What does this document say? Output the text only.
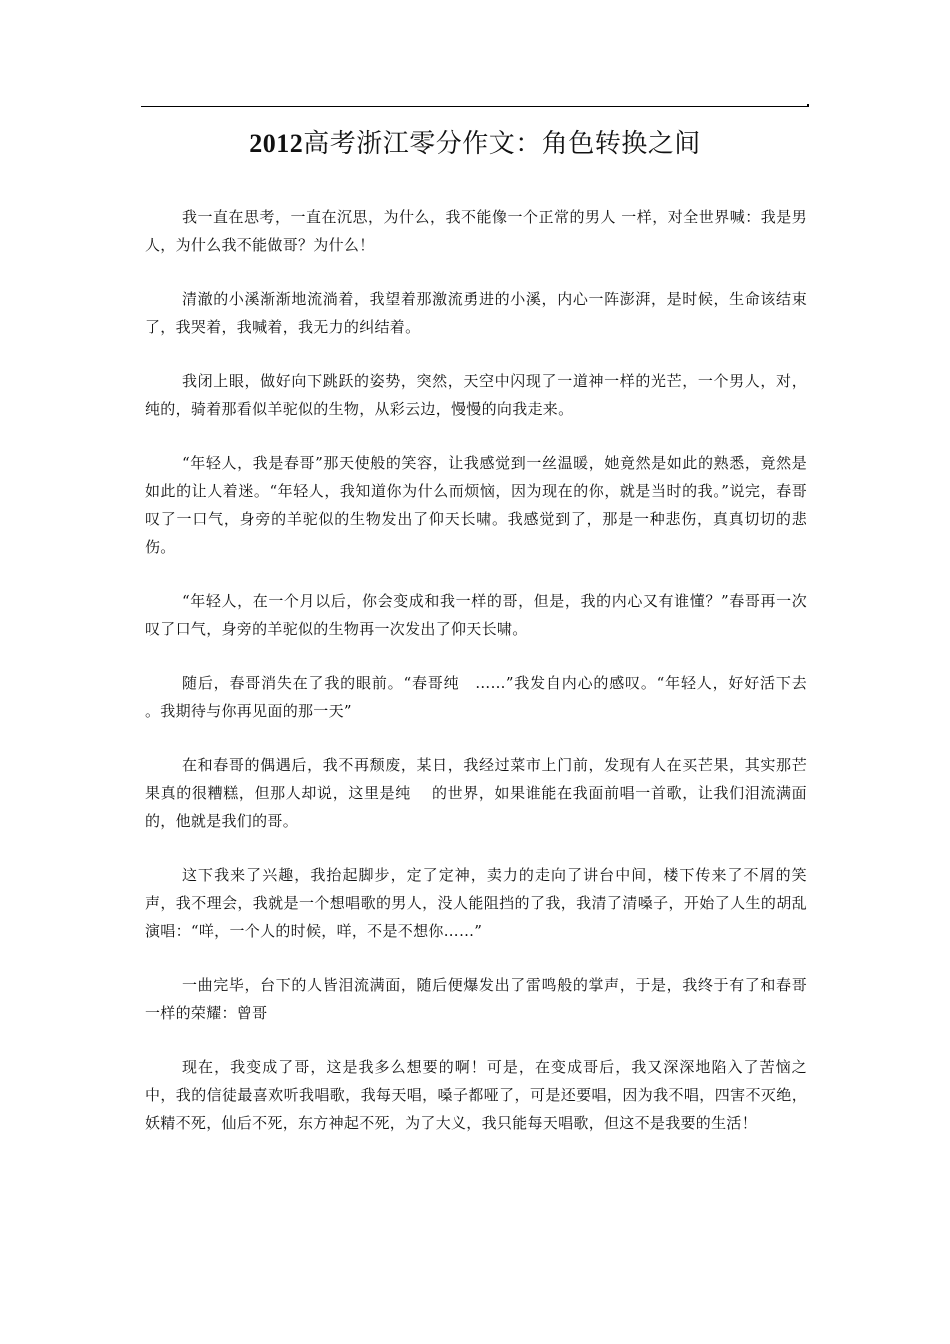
2012高考浙江零分作文：角色转换之间

我一直在思考，一直在沉思，为什么，我不能像一个正常的男人 一样，对全世界喊：我是男人，为什么我不能做哥？为什么！

清澈的小溪渐渐地流淌着，我望着那激流勇进的小溪，内心一阵澎湃，是时候，生命该结束了，我哭着，我喊着，我无力的纠结着。

我闭上眼，做好向下跳跃的姿势，突然，天空中闪现了一道神一样的光芒，一个男人，对，纯的，骑着那看似羊驼似的生物，从彩云边，慢慢的向我走来。

“年轻人，我是春哥”那天使般的笑容，让我感觉到一丝温暖，她竟然是如此的熟悉，竟然是如此的让人着迷。“年轻人，我知道你为什么而烦恼，因为现在的你，就是当时的我。”说完，春哥叹了一口气，身旁的羊驼似的生物发出了仰天长啸。我感觉到了，那是一种悲伤，真真切切的悲伤。

“年轻人，在一个月以后，你会变成和我一样的哥，但是，我的内心又有谁懂？”春哥再一次叹了口气，身旁的羊驼似的生物再一次发出了仰天长啸。

随后，春哥消失在了我的眼前。“春哥纯　……”我发自内心的感叹。“年轻人，好好活下去 。我期待与你再见面的那一天”

在和春哥的偶遇后，我不再颓废，某日，我经过菜市上门前，发现有人在买芒果，其实那芒果真的很糟糕，但那人却说，这里是纯　 的世界，如果谁能在我面前唱一首歌，让我们泪流满面的，他就是我们的哥。

这下我来了兴趣，我抬起脚步，定了定神，卖力的走向了讲台中间，楼下传来了不屑的笑声，我不理会，我就是一个想唱歌的男人，没人能阻挡的了我，我清了清嗓子，开始了人生的胡乱演唱：“咩，一个人的时候，咩，不是不想你……”

一曲完毕，台下的人皆泪流满面，随后便爆发出了雷鸣般的掌声，于是，我终于有了和春哥一样的荣耀：曾哥

现在，我变成了哥，这是我多么想要的啊！可是，在变成哥后，我又深深地陷入了苦恼之中，我的信徒最喜欢听我唱歌，我每天唱，嗓子都哑了，可是还要唱，因为我不唱，四害不灭绝，妖精不死，仙后不死，东方神起不死，为了大义，我只能每天唱歌，但这不是我要的生活！
